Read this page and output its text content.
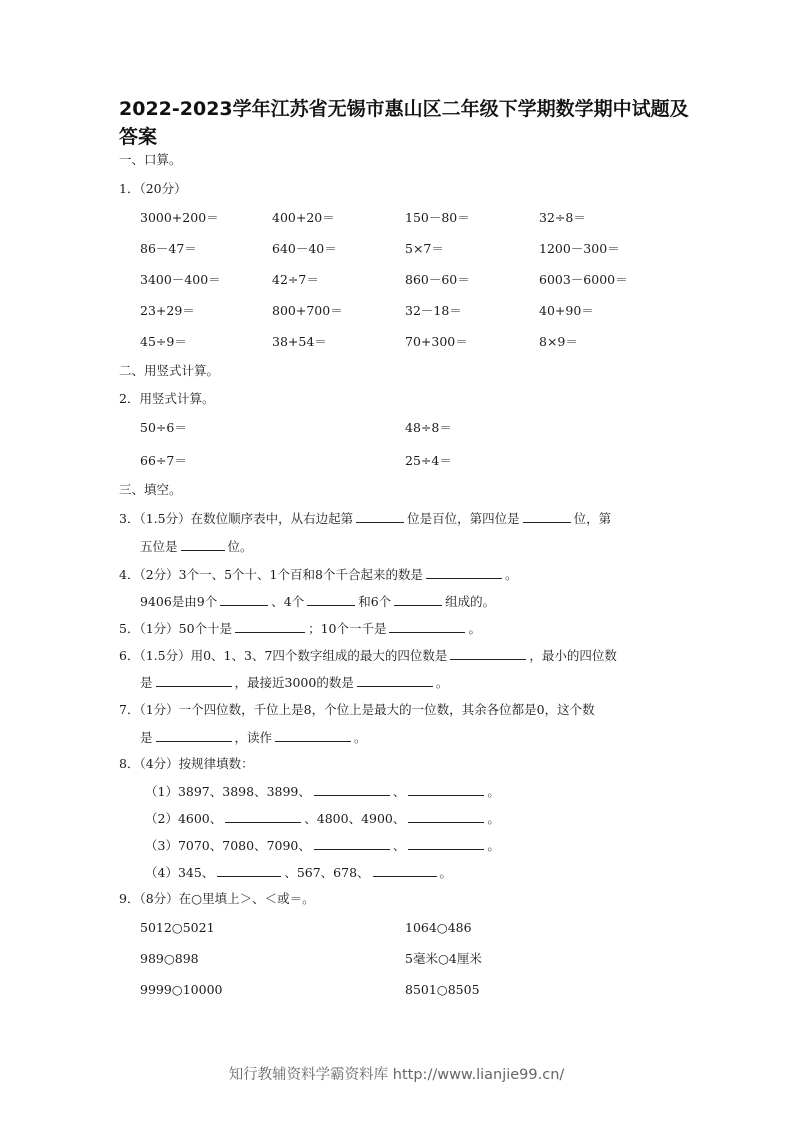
2022-2023学年江苏省无锡市惠山区二年级下学期数学期中试题及答案
一、口算。
1．（20分）
3000+200＝	400+20＝	150－80＝	32÷8＝
86－47＝	640－40＝	5×7＝	1200－300＝
3400－400＝	42÷7＝	860－60＝	6003－6000＝
23+29＝	800+700＝	32－18＝	40+90＝
45÷9＝	38+54＝	70+300＝	8×9＝
二、用竖式计算。
2．用竖式计算。
50÷6＝	48÷8＝
66÷7＝	25÷4＝
三、填空。
3．（1.5分）在数位顺序表中，从右边起第	位是百位，第四位是	位，第
五位是	位。
4．（2分）3个一、5个十、1个百和8个千合起来的数是	。
9406是由9个	、4个	和6个	组成的。
5．（1分）50个十是	；10个一千是	。
6．（1.5分）用0、1、3、7四个数字组成的最大的四位数是	，最小的四位数
是	，最接近3000的数是	。
7．（1分）一个四位数，千位上是8，个位上是最大的一位数，其余各位都是0，这个数
是	，读作	。
8．（4分）按规律填数：
（1）3897、3898、3899、	、	。
（2）4600、	、4800、4900、	。
（3）7070、7080、7090、	、	。
（4）345、	、567、678、	。
9．（8分）在○里填上＞、＜或＝。
5012○5021	1064○486
989○898	5毫米○4厘米
9999○10000	8501○8505
知行教辅资料学霸资料库 http://www.lianjie99.cn/
